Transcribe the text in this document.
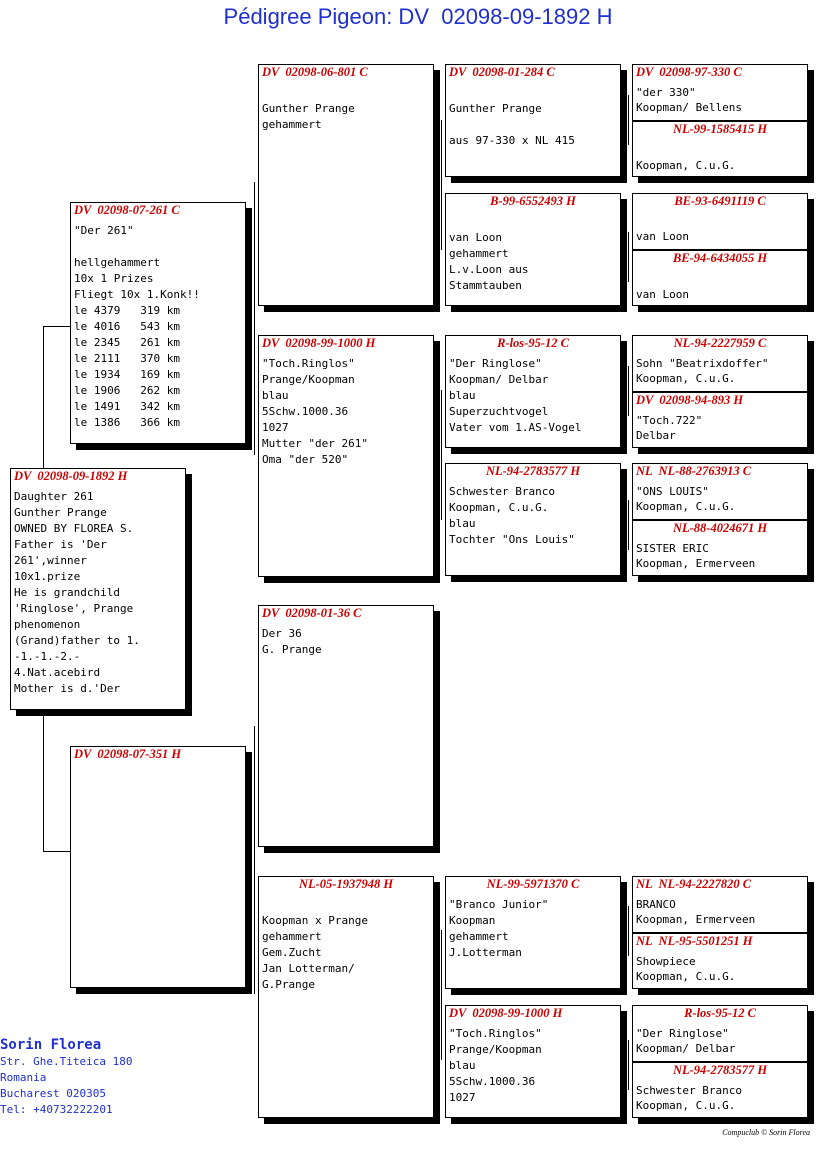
Pédigree Pigeon: DV  02098-09-1892 H
DV  02098-09-1892 H
Daughter 261
Gunther Prange
OWNED BY FLOREA S.
Father is 'Der
261',winner
10x1.prize
He is grandchild
'Ringlose', Prange
phenomenon
(Grand)father to 1.
-1.-1.-2.-
4.Nat.acebird
Mother is d.'Der
DV  02098-07-261 C
"Der 261"
hellgehammert
10x 1 Prizes
Fliegt 10x 1.Konk!!
le 4379   319 km
le 4016   543 km
le 2345   261 km
le 2111   370 km
le 1934   169 km
le 1906   262 km
le 1491   342 km
le 1386   366 km
DV  02098-07-351 H
DV  02098-06-801 C
Gunther Prange
gehammert
DV  02098-99-1000 H
"Toch.Ringlos"
Prange/Koopman
blau
5Schw.1000.36
1027
Mutter "der 261"
Oma "der 520"
DV  02098-01-36 C
Der 36
G. Prange
NL-05-1937948 H
Koopman x Prange
gehammert
Gem.Zucht
Jan Lotterman/
G.Prange
DV  02098-01-284 C
Gunther Prange
aus 97-330 x NL 415
B-99-6552493 H
van Loon
gehammert
L.v.Loon aus
Stammtauben
R-los-95-12 C
"Der Ringlose"
Koopman/ Delbar
blau
Superzuchtvogel
Vater vom 1.AS-Vogel
NL-94-2783577 H
Schwester Branco
Koopman, C.u.G.
blau
Tochter "Ons Louis"
NL-99-5971370 C
"Branco Junior"
Koopman
gehammert
J.Lotterman
DV  02098-99-1000 H
"Toch.Ringlos"
Prange/Koopman
blau
5Schw.1000.36
1027
DV  02098-97-330 C
"der 330"
Koopman/ Bellens
NL-99-1585415 H
Koopman, C.u.G.
BE-93-6491119 C
van Loon
BE-94-6434055 H
van Loon
NL-94-2227959 C
Sohn "Beatrixdoffer"
Koopman, C.u.G.
DV  02098-94-893 H
"Toch.722"
Delbar
NL  NL-88-2763913 C
"ONS LOUIS"
Koopman, C.u.G.
NL-88-4024671 H
SISTER ERIC
Koopman, Ermerveen
NL  NL-94-2227820 C
BRANCO
Koopman, Ermerveen
NL  NL-95-5501251 H
Showpiece
Koopman, C.u.G.
R-los-95-12 C
"Der Ringlose"
Koopman/ Delbar
NL-94-2783577 H
Schwester Branco
Koopman, C.u.G.
Sorin Florea
Str. Ghe.Titeica 180
Romania
Bucharest 020305
Tel: +40732222201
Compuclub © Sorin Florea
